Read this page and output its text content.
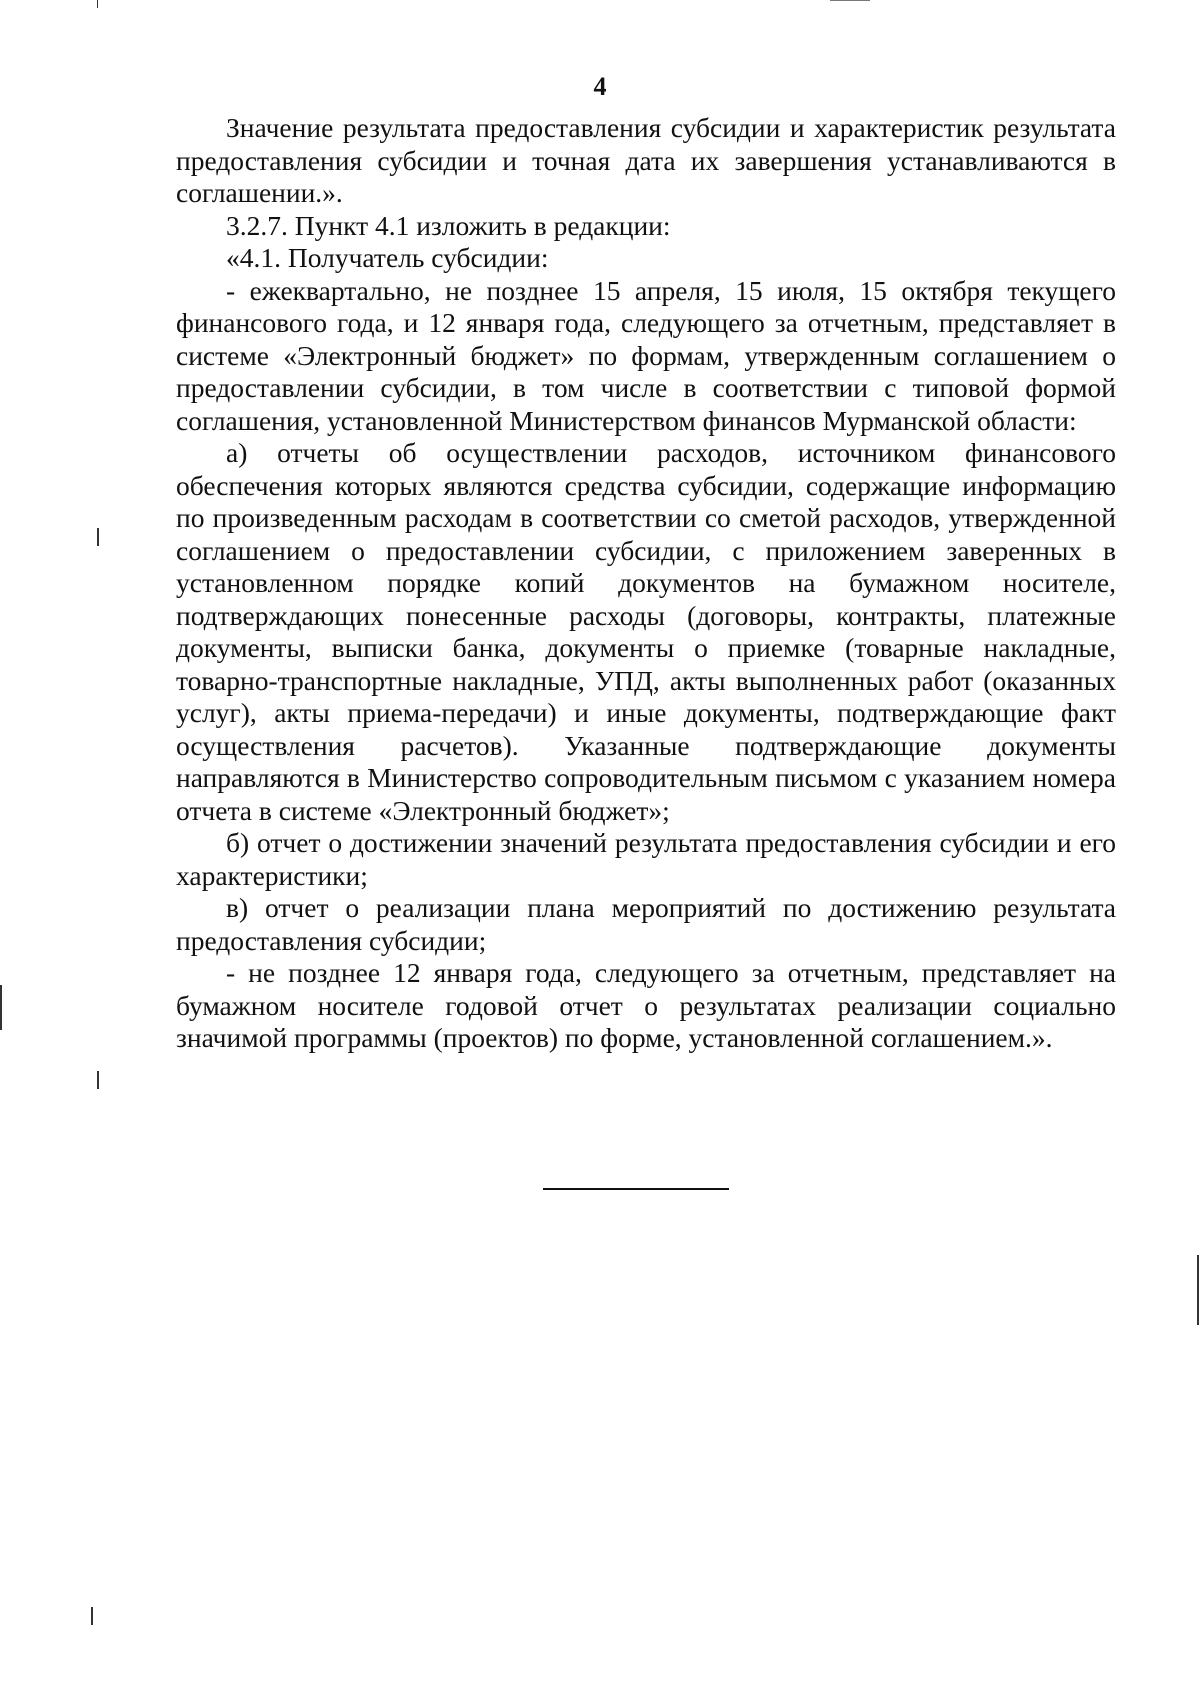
4

Значение результата предоставления субсидии и характеристик результата предоставления субсидии и точная дата их завершения устанавливаются в соглашении.».

3.2.7. Пункт 4.1 изложить в редакции:

«4.1. Получатель субсидии:

- ежеквартально, не позднее 15 апреля, 15 июля, 15 октября текущего финансового года, и 12 января года, следующего за отчетным, представляет в системе «Электронный бюджет» по формам, утвержденным соглашением о предоставлении субсидии, в том числе в соответствии с типовой формой соглашения, установленной Министерством финансов Мурманской области:

а) отчеты об осуществлении расходов, источником финансового обеспечения которых являются средства субсидии, содержащие информацию по произведенным расходам в соответствии со сметой расходов, утвержденной соглашением о предоставлении субсидии, с приложением заверенных в установленном порядке копий документов на бумажном носителе, подтверждающих понесенные расходы (договоры, контракты, платежные документы, выписки банка, документы о приемке (товарные накладные, товарно-транспортные накладные, УПД, акты выполненных работ (оказанных услуг), акты приема-передачи) и иные документы, подтверждающие факт осуществления расчетов). Указанные подтверждающие документы направляются в Министерство сопроводительным письмом с указанием номера отчета в системе «Электронный бюджет»;

б) отчет о достижении значений результата предоставления субсидии и его характеристики;

в) отчет о реализации плана мероприятий по достижению результата предоставления субсидии;

- не позднее 12 января года, следующего за отчетным, представляет на бумажном носителе годовой отчет о результатах реализации социально значимой программы (проектов) по форме, установленной соглашением.».
